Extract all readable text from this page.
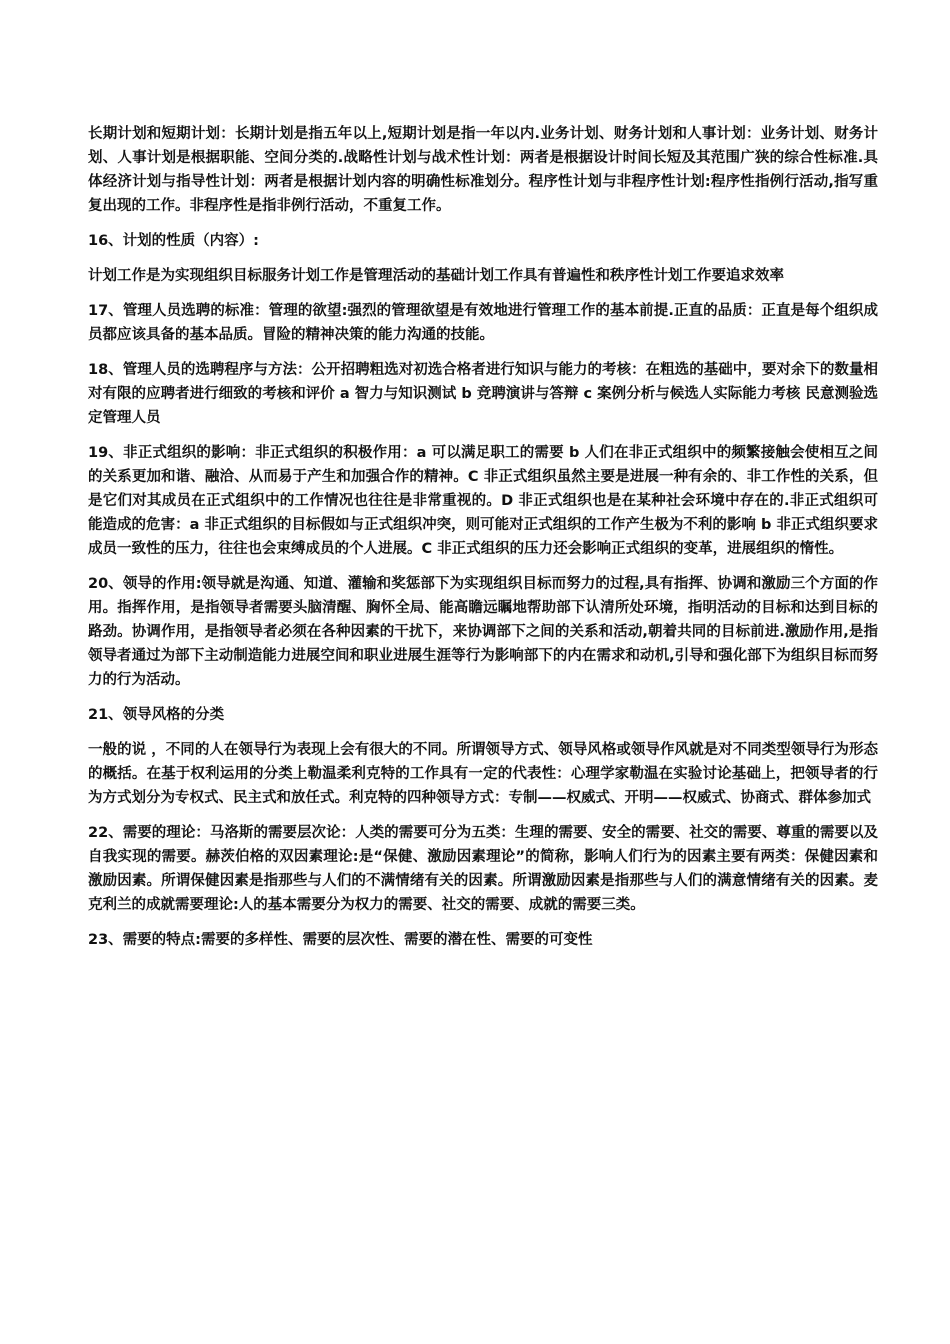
长期计划和短期计划：长期计划是指五年以上,短期计划是指一年以内.业务计划、财务计划和人事计划：业务计划、财务计划、人事计划是根据职能、空间分类的.战略性计划与战术性计划：两者是根据设计时间长短及其范围广狭的综合性标准.具体经济计划与指导性计划：两者是根据计划内容的明确性标准划分。程序性计划与非程序性计划:程序性指例行活动,指写重复出现的工作。非程序性是指非例行活动，不重复工作。

16、计划的性质（内容）:

计划工作是为实现组织目标服务计划工作是管理活动的基础计划工作具有普遍性和秩序性计划工作要追求效率

17、管理人员选聘的标准：管理的欲望:强烈的管理欲望是有效地进行管理工作的基本前提.正直的品质：正直是每个组织成员都应该具备的基本品质。冒险的精神决策的能力沟通的技能。

18、管理人员的选聘程序与方法：公开招聘粗选对初选合格者进行知识与能力的考核：在粗选的基础中，要对余下的数量相对有限的应聘者进行细致的考核和评价 a 智力与知识测试 b 竞聘演讲与答辩 c 案例分析与候选人实际能力考核 民意测验选定管理人员

19、非正式组织的影响：非正式组织的积极作用：a 可以满足职工的需要 b 人们在非正式组织中的频繁接触会使相互之间的关系更加和谐、融洽、从而易于产生和加强合作的精神。C 非正式组织虽然主要是进展一种有余的、非工作性的关系，但是它们对其成员在正式组织中的工作情况也往往是非常重视的。D 非正式组织也是在某种社会环境中存在的.非正式组织可能造成的危害：a 非正式组织的目标假如与正式组织冲突，则可能对正式组织的工作产生极为不利的影响 b 非正式组织要求成员一致性的压力，往往也会束缚成员的个人进展。C 非正式组织的压力还会影响正式组织的变革，进展组织的惰性。

20、领导的作用:领导就是沟通、知道、灌输和奖惩部下为实现组织目标而努力的过程,具有指挥、协调和激励三个方面的作用。指挥作用，是指领导者需要头脑清醒、胸怀全局、能高瞻远瞩地帮助部下认清所处环境，指明活动的目标和达到目标的路劲。协调作用，是指领导者必须在各种因素的干扰下，来协调部下之间的关系和活动,朝着共同的目标前进.激励作用,是指领导者通过为部下主动制造能力进展空间和职业进展生涯等行为影响部下的内在需求和动机,引导和强化部下为组织目标而努力的行为活动。

21、领导风格的分类

一般的说 ，不同的人在领导行为表现上会有很大的不同。所谓领导方式、领导风格或领导作风就是对不同类型领导行为形态的概括。在基于权利运用的分类上勒温柔利克特的工作具有一定的代表性：心理学家勒温在实验讨论基础上，把领导者的行为方式划分为专权式、民主式和放任式。利克特的四种领导方式：专制——权威式、开明——权威式、协商式、群体参加式

22、需要的理论：马洛斯的需要层次论：人类的需要可分为五类：生理的需要、安全的需要、社交的需要、尊重的需要以及自我实现的需要。赫茨伯格的双因素理论:是“保健、激励因素理论”的简称，影响人们行为的因素主要有两类：保健因素和激励因素。所谓保健因素是指那些与人们的不满情绪有关的因素。所谓激励因素是指那些与人们的满意情绪有关的因素。麦克利兰的成就需要理论:人的基本需要分为权力的需要、社交的需要、成就的需要三类。

23、需要的特点:需要的多样性、需要的层次性、需要的潜在性、需要的可变性
